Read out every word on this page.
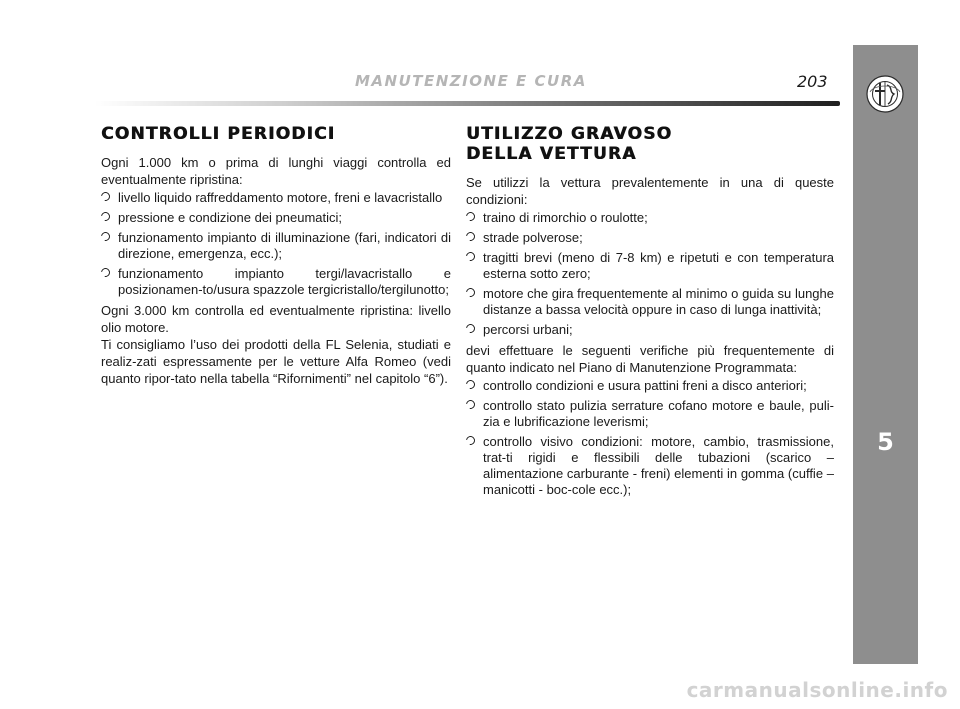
MANUTENZIONE E CURA	203
5
CONTROLLI PERIODICI

Ogni 1.000 km o prima di lunghi viaggi controlla ed eventualmente ripristina:

livello liquido raffreddamento motore, freni e lavacristallo
pressione e condizione dei pneumatici;
funzionamento impianto di illuminazione (fari, indicatori di direzione, emergenza, ecc.);
funzionamento impianto tergi/lavacristallo e posizionamen-to/usura spazzole tergicristallo/tergilunotto;

Ogni 3.000 km controlla ed eventualmente ripristina: livello olio motore.

Ti consigliamo l’uso dei prodotti della FL Selenia, studiati e realiz-zati espressamente per le vetture Alfa Romeo (vedi quanto ripor-tato nella tabella “Rifornimenti” nel capitolo “6”).

UTILIZZO GRAVOSO
DELLA VETTURA

Se utilizzi la vettura prevalentemente in una di queste condizioni:

traino di rimorchio o roulotte;
strade polverose;
tragitti brevi (meno di 7-8 km) e ripetuti e con temperatura esterna sotto zero;
motore che gira frequentemente al minimo o guida su lunghe distanze a bassa velocità oppure in caso di lunga inattività;
percorsi urbani;

devi effettuare le seguenti verifiche più frequentemente di quanto indicato nel Piano di Manutenzione Programmata:

controllo condizioni e usura pattini freni a disco anteriori;
controllo stato pulizia serrature cofano motore e baule, puli-zia e lubrificazione leverismi;
controllo visivo condizioni: motore, cambio, trasmissione, trat-ti rigidi e flessibili delle tubazioni (scarico – alimentazione carburante - freni) elementi in gomma (cuffie – manicotti - boc-cole ecc.);
carmanualsonline.info
